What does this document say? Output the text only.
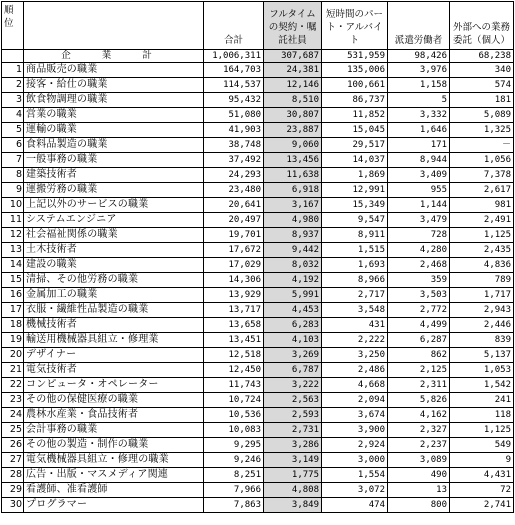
順位		合計	フルタイムの契約・嘱託社員	短時間のパート・アルバイト	派遣労働者	外部への業務委託（個人）
	企 業 計	1,006,311	307,687	531,959	98,426	68,238
1	商品販売の職業	164,703	24,381	135,006	3,976	340
2	接客・給仕の職業	114,537	12,146	100,661	1,158	574
3	飲食物調理の職業	95,432	8,510	86,737	5	181
4	営業の職業	51,080	30,807	11,852	3,332	5,089
5	運輸の職業	41,903	23,887	15,045	1,646	1,325
6	食料品製造の職業	38,748	9,060	29,517	171	－
7	一般事務の職業	37,492	13,456	14,037	8,944	1,056
8	建築技術者	24,293	11,638	1,869	3,409	7,378
9	運搬労務の職業	23,480	6,918	12,991	955	2,617
10	上記以外のサービスの職業	20,641	3,167	15,349	1,144	981
11	システムエンジニア	20,497	4,980	9,547	3,479	2,491
12	社会福祉関係の職業	19,701	8,937	8,911	728	1,125
13	土木技術者	17,672	9,442	1,515	4,280	2,435
14	建設の職業	17,029	8,032	1,693	2,468	4,836
15	清掃、その他労務の職業	14,306	4,192	8,966	359	789
16	金属加工の職業	13,929	5,991	2,717	3,503	1,717
17	衣服・繊維性品製造の職業	13,717	4,453	3,548	2,772	2,943
18	機械技術者	13,658	6,283	431	4,499	2,446
19	輸送用機械器具組立・修理業	13,451	4,103	2,222	6,287	839
20	デザイナー	12,518	3,269	3,250	862	5,137
21	電気技術者	12,450	6,787	2,486	2,125	1,053
22	コンピュータ・オペレーター	11,743	3,222	4,668	2,311	1,542
23	その他の保健医療の職業	10,724	2,563	2,094	5,826	241
24	農林水産業・食品技術者	10,536	2,593	3,674	4,162	118
25	会計事務の職業	10,083	2,731	3,900	2,327	1,125
26	その他の製造・制作の職業	9,295	3,286	2,924	2,237	549
27	電気機械器具組立・修理の職業	9,246	3,149	3,000	3,089	9
28	広告・出版・マスメディア関連	8,251	1,775	1,554	490	4,431
29	看護師、准看護師	7,966	4,808	3,072	13	72
30	プログラマー	7,863	3,849	474	800	2,741
